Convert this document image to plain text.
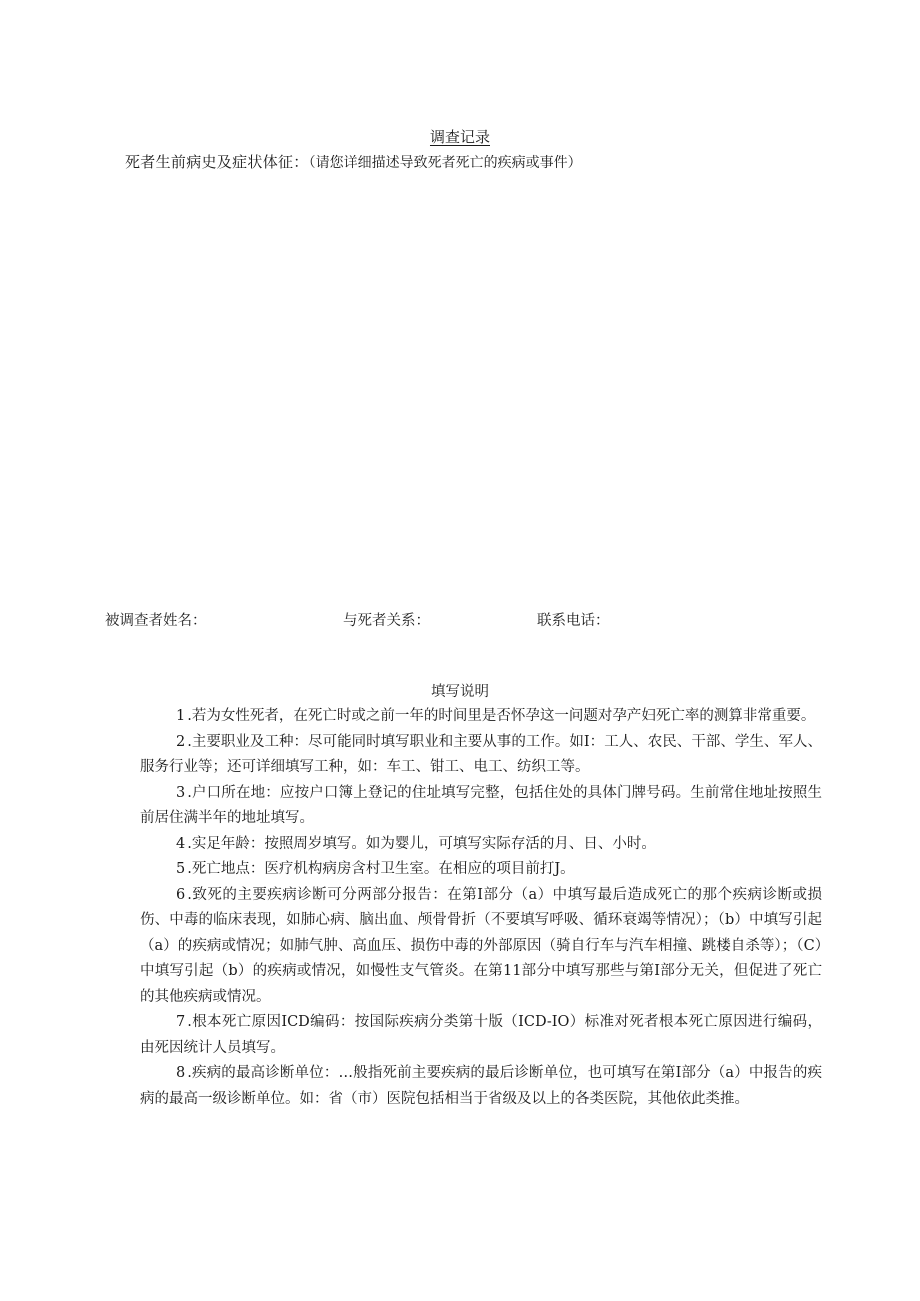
调查记录
死者生前病史及症状体征：（请您详细描述导致死者死亡的疾病或事件）
被调查者姓名：	与死者关系：	联系电话：
填写说明

1 .若为女性死者，在死亡时或之前一年的时间里是否怀孕这一问题对孕产妇死亡率的测算非常重要。

2 .主要职业及工种：尽可能同时填写职业和主要从事的工作。如I：工人、农民、干部、学生、军人、服务行业等；还可详细填写工种，如：车工、钳工、电工、纺织工等。

3 .户口所在地：应按户口簿上登记的住址填写完整，包括住处的具体门牌号码。生前常住地址按照生前居住满半年的地址填写。

4 .实足年龄：按照周岁填写。如为婴儿，可填写实际存活的月、日、小时。

5 .死亡地点：医疗机构病房含村卫生室。在相应的项目前打J。

6 .致死的主要疾病诊断可分两部分报告：在第I部分（a）中填写最后造成死亡的那个疾病诊断或损伤、中毒的临床表现，如肺心病、脑出血、颅骨骨折（不要填写呼吸、循环衰竭等情况）；（b）中填写引起（a）的疾病或情况；如肺气肿、高血压、损伤中毒的外部原因（骑自行车与汽车相撞、跳楼自杀等）；（C）中填写引起（b）的疾病或情况，如慢性支气管炎。在第11部分中填写那些与第I部分无关，但促进了死亡的其他疾病或情况。

7 .根本死亡原因ICD编码：按国际疾病分类第十版（ICD-IO）标准对死者根本死亡原因进行编码，由死因统计人员填写。

8 .疾病的最高诊断单位：…般指死前主要疾病的最后诊断单位，也可填写在第I部分（a）中报告的疾病的最高一级诊断单位。如：省（市）医院包括相当于省级及以上的各类医院，其他依此类推。
